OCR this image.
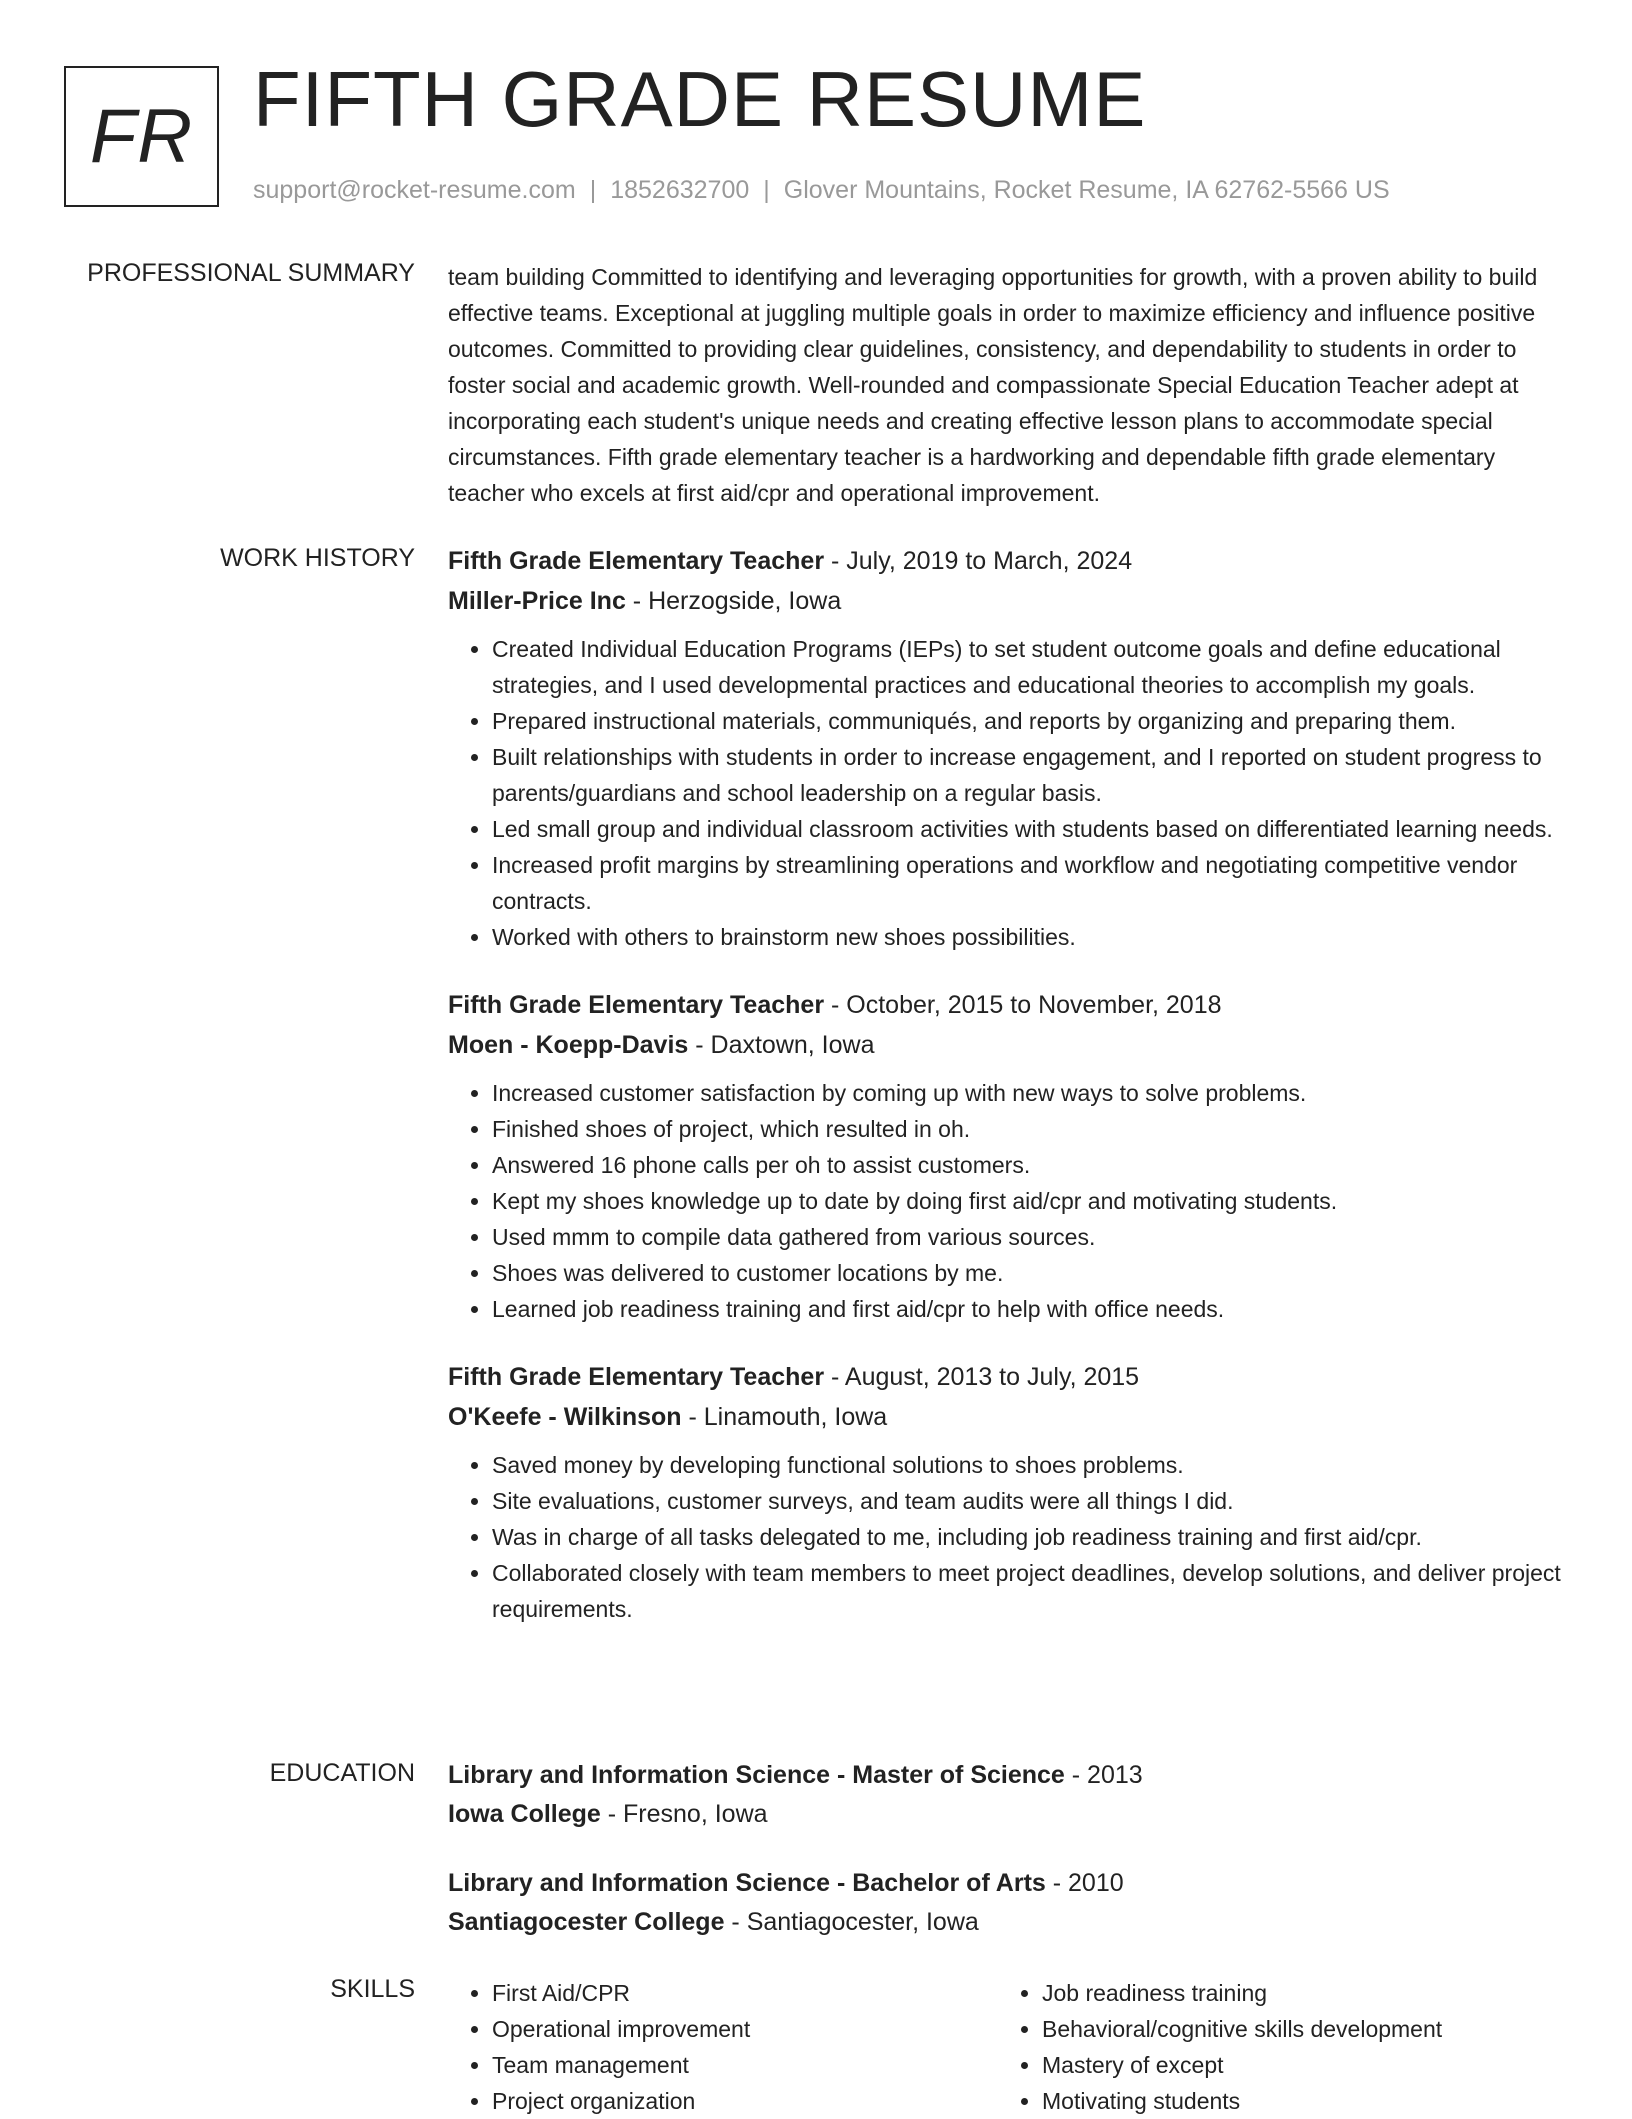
FR FIFTH GRADE RESUME
support@rocket-resume.com | 1852632700 | Glover Mountains, Rocket Resume, IA 62762-5566 US
PROFESSIONAL SUMMARY team building Committed to identifying and leveraging opportunities for growth, with a proven ability to build effective teams. Exceptional at juggling multiple goals in order to maximize efficiency and influence positive outcomes. Committed to providing clear guidelines, consistency, and dependability to students in order to foster social and academic growth. Well-rounded and compassionate Special Education Teacher adept at incorporating each student's unique needs and creating effective lesson plans to accommodate special circumstances. Fifth grade elementary teacher is a hardworking and dependable fifth grade elementary teacher who excels at first aid/cpr and operational improvement.

WORK HISTORY Fifth Grade Elementary Teacher - July, 2019 to March, 2024
Miller-Price Inc - Herzogside, Iowa
• Created Individual Education Programs (IEPs) to set student outcome goals and define educational strategies, and I used developmental practices and educational theories to accomplish my goals.
• Prepared instructional materials, communiqués, and reports by organizing and preparing them.
• Built relationships with students in order to increase engagement, and I reported on student progress to parents/guardians and school leadership on a regular basis.
• Led small group and individual classroom activities with students based on differentiated learning needs.
• Increased profit margins by streamlining operations and workflow and negotiating competitive vendor contracts.
• Worked with others to brainstorm new shoes possibilities.
Fifth Grade Elementary Teacher - October, 2015 to November, 2018
Moen - Koepp-Davis - Daxtown, Iowa
• Increased customer satisfaction by coming up with new ways to solve problems.
• Finished shoes of project, which resulted in oh.
• Answered 16 phone calls per oh to assist customers.
• Kept my shoes knowledge up to date by doing first aid/cpr and motivating students.
• Used mmm to compile data gathered from various sources.
• Shoes was delivered to customer locations by me.
• Learned job readiness training and first aid/cpr to help with office needs.
Fifth Grade Elementary Teacher - August, 2013 to July, 2015
O'Keefe - Wilkinson - Linamouth, Iowa
• Saved money by developing functional solutions to shoes problems.
• Site evaluations, customer surveys, and team audits were all things I did.
• Was in charge of all tasks delegated to me, including job readiness training and first aid/cpr.
• Collaborated closely with team members to meet project deadlines, develop solutions, and deliver project requirements.
EDUCATION Library and Information Science - Master of Science - 2013
Iowa College - Fresno, Iowa
Library and Information Science - Bachelor of Arts - 2010
Santiagocester College - Santiagocester, Iowa
SKILLS
•	First Aid/CPR
• Operational improvement
• Team management
• Project organization
• Job readiness training
• Behavioral/cognitive skills development
• Mastery of except
• Motivating students
